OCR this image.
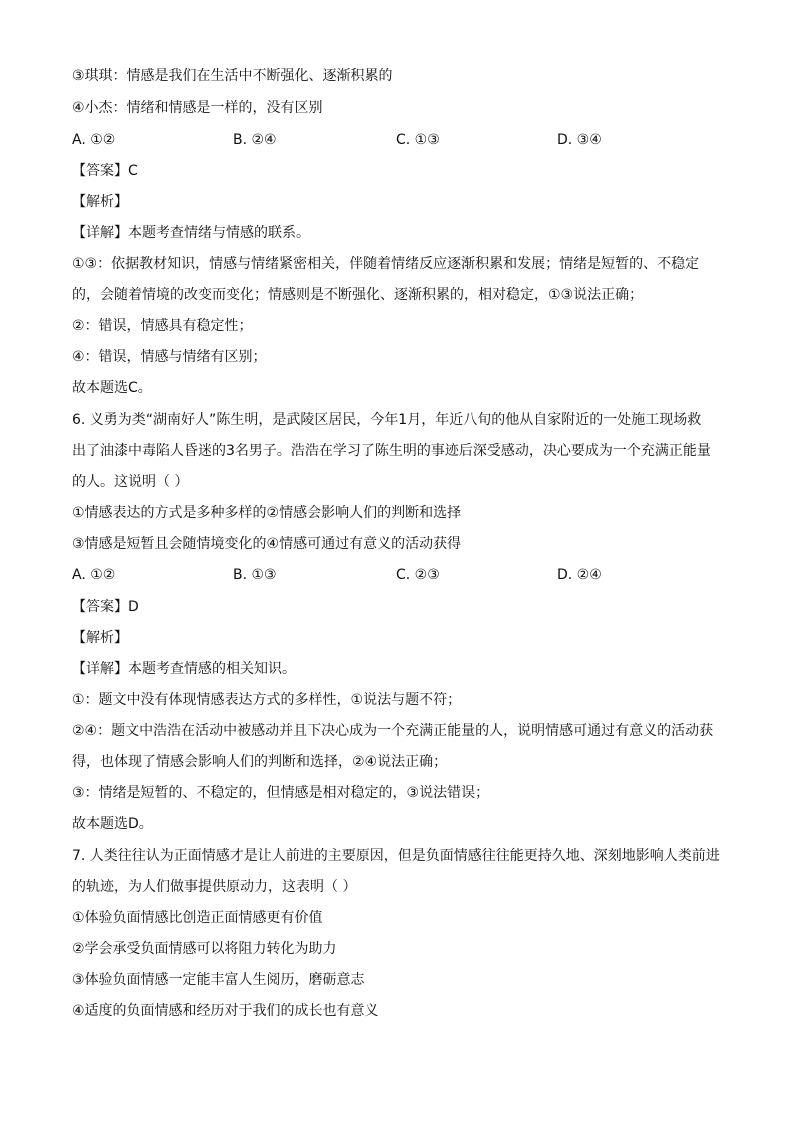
③琪琪：情感是我们在生活中不断强化、逐渐积累的
④小杰：情绪和情感是一样的，没有区别
A. ①②	B. ②④	C. ①③	D. ③④
【答案】C
【解析】
【详解】本题考查情绪与情感的联系。
①③：依据教材知识，情感与情绪紧密相关，伴随着情绪反应逐渐积累和发展；情绪是短暂的、不稳定
的，会随着情境的改变而变化；情感则是不断强化、逐渐积累的，相对稳定，①③说法正确；
②：错误，情感具有稳定性；
④：错误，情感与情绪有区别；
故本题选C。
6. 义勇为类“湖南好人”陈生明，是武陵区居民，今年1月，年近八旬的他从自家附近的一处施工现场救
出了油漆中毒陷人昏迷的3名男子。浩浩在学习了陈生明的事迹后深受感动，决心要成为一个充满正能量
的人。这说明（ ）
①情感表达的方式是多种多样的②情感会影响人们的判断和选择
③情感是短暂且会随情境变化的④情感可通过有意义的活动获得
A. ①②	B. ①③	C. ②③	D. ②④
【答案】D
【解析】
【详解】本题考查情感的相关知识。
①：题文中没有体现情感表达方式的多样性，①说法与题不符；
②④：题文中浩浩在活动中被感动并且下决心成为一个充满正能量的人，说明情感可通过有意义的活动获
得，也体现了情感会影响人们的判断和选择，②④说法正确；
③：情绪是短暂的、不稳定的，但情感是相对稳定的，③说法错误；
故本题选D。
7. 人类往往认为正面情感才是让人前进的主要原因，但是负面情感往往能更持久地、深刻地影响人类前进
的轨迹，为人们做事提供原动力，这表明（ ）
①体验负面情感比创造正面情感更有价值
②学会承受负面情感可以将阻力转化为助力
③体验负面情感一定能丰富人生阅历，磨砺意志
④适度的负面情感和经历对于我们的成长也有意义
